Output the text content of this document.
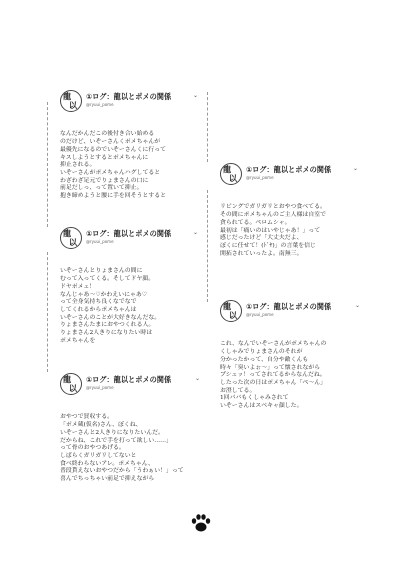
龍
以
①ログ：龍以とポメの関係
@ryuui_pome
⌄

なんだかんだこの後付き合い始める
のだけど、いぞーさんくポメちゃんが
最優先になるのでいぞーさんくに行って
キスしようとするとポメちゃんに
抑止される。
いぞーさんがポメちゃんハグしてると
わざわざ足元でりょまさんの口に
前足だしっ、って置いて抑止。
抱き締めようと腰に手を回そうとすると

龍
以
①ログ：龍以とポメの関係
@ryuui_pome
⌄

いぞーさんとりょまさんの間に
むって入ってくる。そしてドヤ顔。
ドヤポメェ！
なんじゃあ〜♡かわえいにゃあ♡
って全身気持ち良くなでなで
してくれるからポメちゃんは
いぞーさんのことが大好きなんだな。
りょまさんたまにおやつくれる人。
りょまさん2人きりになりたい時は
ポメちゃんを

龍
以
①ログ：龍以とポメの関係
@ryuui_pome
⌄

おやつで買収する。
「ポメ蔵(仮名)さん、ぼくね、
いぞーさんと2人きりになりたいんだ。
だからね、これで手を打って欲しい……」
って骨のおやつあげる。
しばらくガリガリしてないと
食べ終わらないアレ。ポメちゃん、
普段貰えないおやつだから「うわぁい！」って
喜んでちっちゃい前足で抑えながら

龍
以
①ログ：龍以とポメの関係
@ryuui_pome
⌄

リビングでガリガリとおやつ食べてる。
その間にポメちゃんのご主人様は自室で
貪られてる。ペロムシャ。
最初は「痛いのはいやじゃあ！」って
感じだったけど「大丈夫だよ、
ぼくに任せて！(ﾄﾞﾔ)」の言葉を信じ
開拓されていったよ。南無三。

龍
以
①ログ：龍以とポメの関係
@ryuui_pome
⌄

これ、なんでいぞーさんがポメちゃんの
くしゃみでりょまさんのそれが
分かったかって、自分や敵くんも
時々「臭いよぉ〜」って懐されながら
プシュッ！ってされてるからなんだね。
したった次の日はポメちゃん「ぺ〜ん」
お澄してる。
1回パパもくしゃみされて
いぞーさんはスベキャ顔した。
